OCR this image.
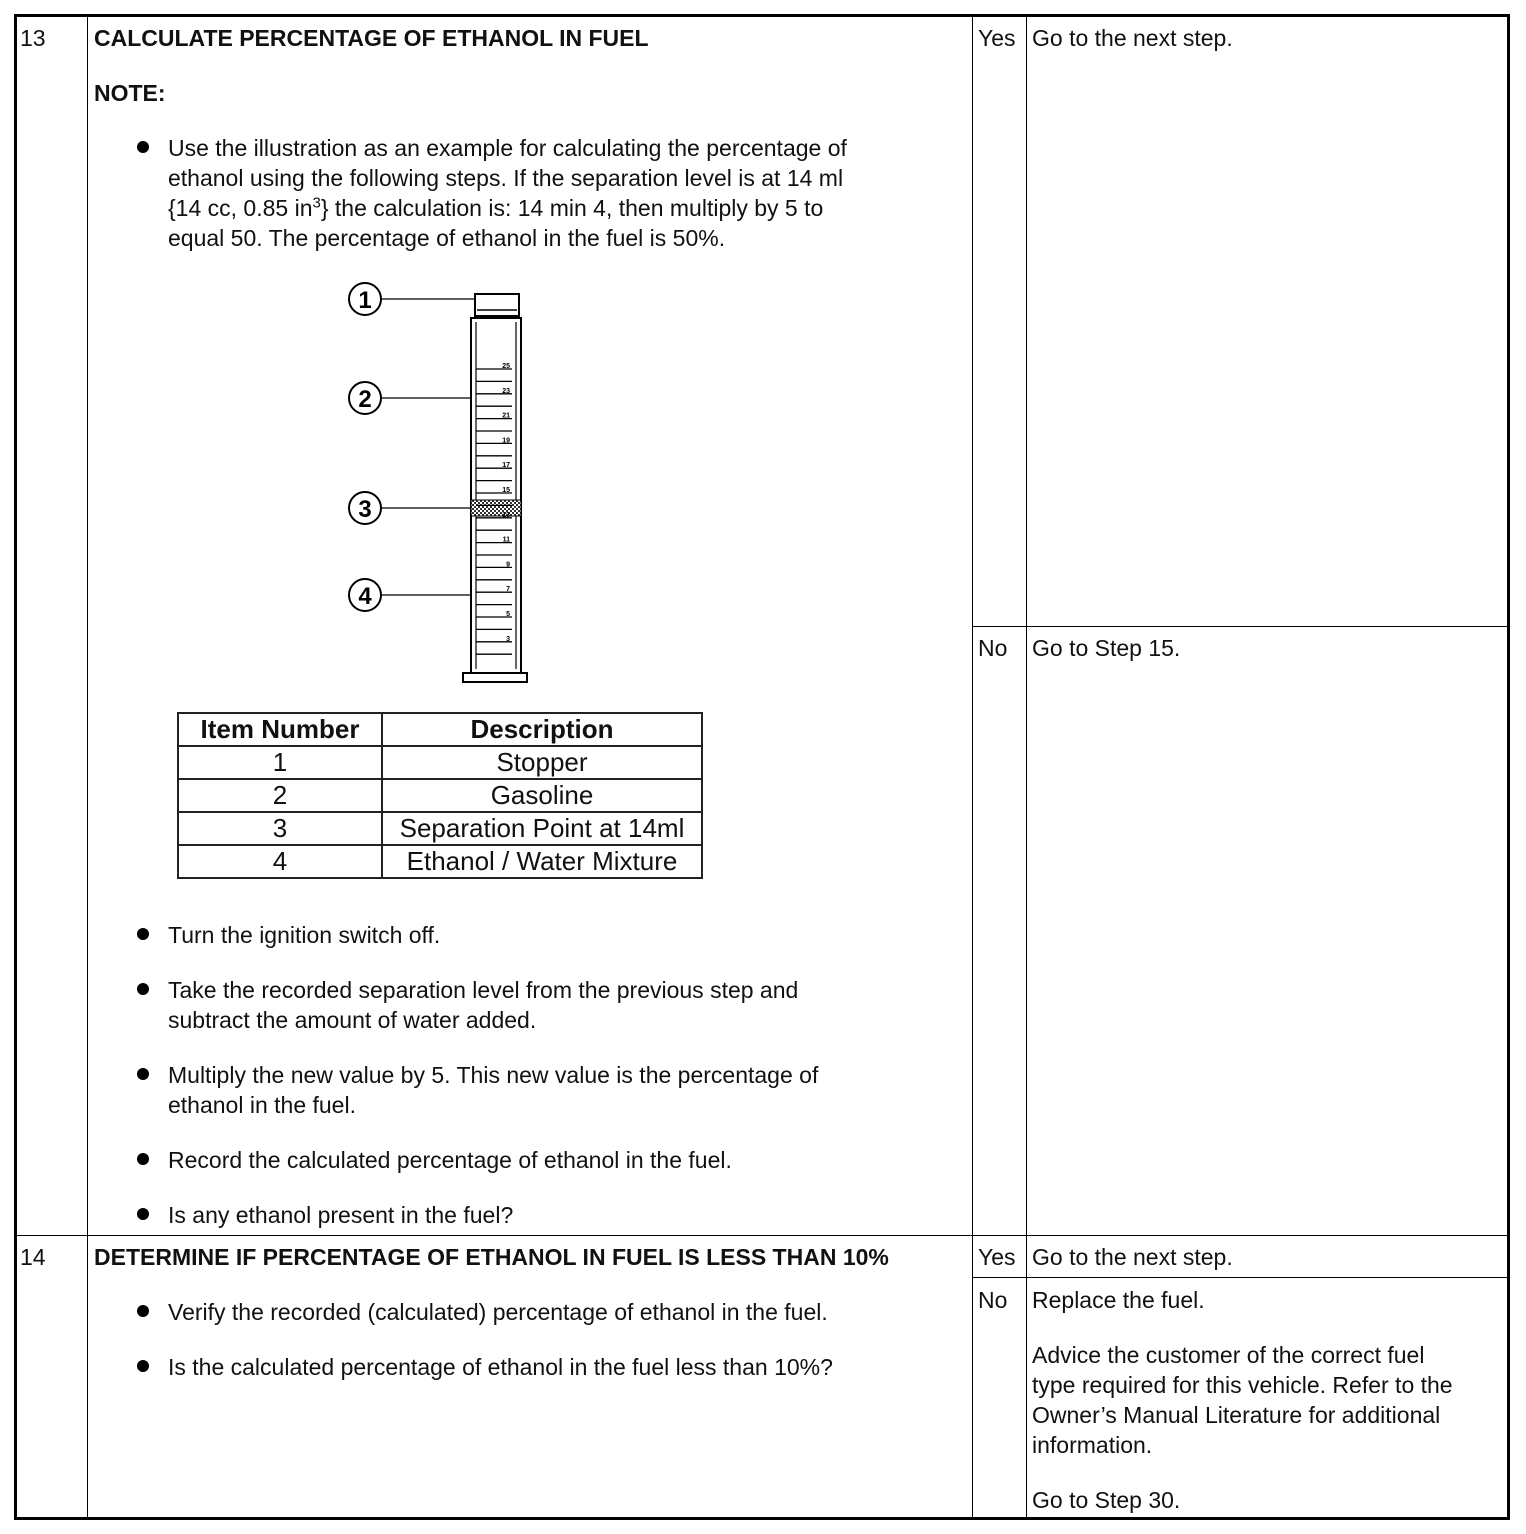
13 CALCULATE PERCENTAGE OF ETHANOL IN FUEL
NOTE:
Use the illustration as an example for calculating the percentage of
ethanol using the following steps. If the separation level is at 14 ml
{14 cc, 0.85 $in^3$} the calculation is: 14 min 4, then multiply by 5 to
equal 50. The percentage of ethanol in the fuel is 50%.
25
23
21
19
17
15
13
11
9
7
5
3
1
2
3
4
Item Number	Description
1	Stopper
2	Gasoline
3	Separation Point at 14ml
4	Ethanol / Water Mixture
Turn the ignition switch off.
Take the recorded separation level from the previous step and
subtract the amount of water added.
Multiply the new value by 5. This new value is the percentage of
ethanol in the fuel.
Record the calculated percentage of ethanol in the fuel.
Is any ethanol present in the fuel?
Yes Go to the next step.
No Go to Step 15.
14 DETERMINE IF PERCENTAGE OF ETHANOL IN FUEL IS LESS THAN 10%
Verify the recorded (calculated) percentage of ethanol in the fuel.
Is the calculated percentage of ethanol in the fuel less than 10%?
Yes Go to the next step.
No Replace the fuel.
Advice the customer of the correct fuel
type required for this vehicle. Refer to the
Owner’s Manual Literature for additional
information.
Go to Step 30.
